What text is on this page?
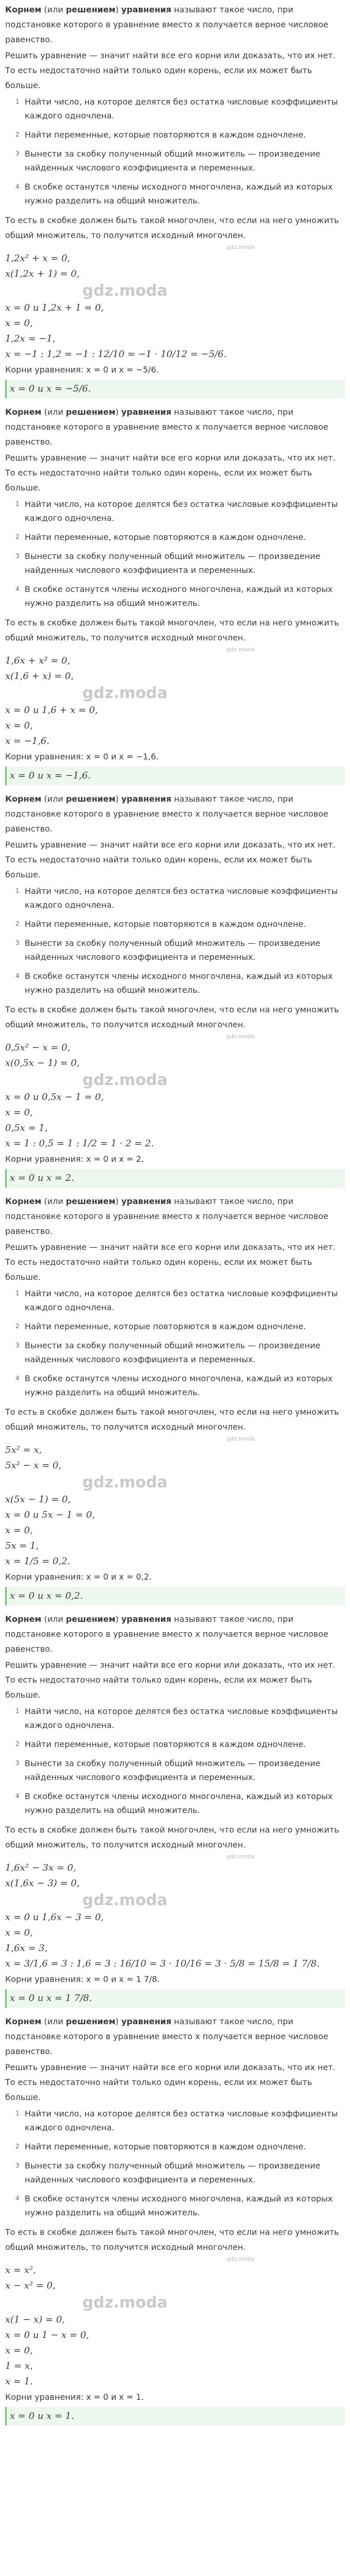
Корнем (или решением) уравнения называют такое число, при подстановке которого в уравнение вместо x получается верное числовое равенство.

Решить уравнение — значит найти все его корни или доказать, что их нет. То есть недостаточно найти только один корень, если их может быть больше.

1 Найти число, на которое делятся без остатка числовые коэффициенты каждого одночлена.
2 Найти переменные, которые повторяются в каждом одночлене.
3 Вынести за скобку полученный общий множитель — произведение найденных числового коэффициента и переменных.
4 В скобке останутся члены исходного многочлена, каждый из которых нужно разделить на общий множитель.

То есть в скобке должен быть такой многочлен, что если на него умножить общий множитель, то получится исходный многочлен.

gdz.moda

1,2x² + x = 0,

x(1,2x + 1) = 0,

gdz.moda

x = 0 и 1,2x + 1 = 0,

x = 0,

1,2x = −1,

x = −1 : 1,2 = −1 : 12/10 = −1 · 10/12 = −5/6.

Корни уравнения: x = 0 и x = −5/6.

x = 0 и x = −5/6.

Корнем (или решением) уравнения называют такое число, при подстановке которого в уравнение вместо x получается верное числовое равенство.

Решить уравнение — значит найти все его корни или доказать, что их нет. То есть недостаточно найти только один корень, если их может быть больше.

1 Найти число, на которое делятся без остатка числовые коэффициенты каждого одночлена.
2 Найти переменные, которые повторяются в каждом одночлене.
3 Вынести за скобку полученный общий множитель — произведение найденных числового коэффициента и переменных.
4 В скобке останутся члены исходного многочлена, каждый из которых нужно разделить на общий множитель.

То есть в скобке должен быть такой многочлен, что если на него умножить общий множитель, то получится исходный многочлен.

gdz.moda

1,6x + x² = 0,

x(1,6 + x) = 0,

gdz.moda

x = 0 и 1,6 + x = 0,

x = 0,

x = −1,6.

Корни уравнения: x = 0 и x = −1,6.

x = 0 и x = −1,6.

Корнем (или решением) уравнения называют такое число, при подстановке которого в уравнение вместо x получается верное числовое равенство.

Решить уравнение — значит найти все его корни или доказать, что их нет. То есть недостаточно найти только один корень, если их может быть больше.

1 Найти число, на которое делятся без остатка числовые коэффициенты каждого одночлена.
2 Найти переменные, которые повторяются в каждом одночлене.
3 Вынести за скобку полученный общий множитель — произведение найденных числового коэффициента и переменных.
4 В скобке останутся члены исходного многочлена, каждый из которых нужно разделить на общий множитель.

То есть в скобке должен быть такой многочлен, что если на него умножить общий множитель, то получится исходный многочлен.

gdz.moda

0,5x² − x = 0,

x(0,5x − 1) = 0,

gdz.moda

x = 0 и 0,5x − 1 = 0,

x = 0,

0,5x = 1,

x = 1 : 0,5 = 1 : 1/2 = 1 · 2 = 2.

Корни уравнения: x = 0 и x = 2.

x = 0 и x = 2.

Корнем (или решением) уравнения называют такое число, при подстановке которого в уравнение вместо x получается верное числовое равенство.

Решить уравнение — значит найти все его корни или доказать, что их нет. То есть недостаточно найти только один корень, если их может быть больше.

1 Найти число, на которое делятся без остатка числовые коэффициенты каждого одночлена.
2 Найти переменные, которые повторяются в каждом одночлене.
3 Вынести за скобку полученный общий множитель — произведение найденных числового коэффициента и переменных.
4 В скобке останутся члены исходного многочлена, каждый из которых нужно разделить на общий множитель.

То есть в скобке должен быть такой многочлен, что если на него умножить общий множитель, то получится исходный многочлен.

gdz.moda

5x² = x,

5x² − x = 0,

gdz.moda

x(5x − 1) = 0,

x = 0 и 5x − 1 = 0,

x = 0,

5x = 1,

x = 1/5 = 0,2.

Корни уравнения: x = 0 и x = 0,2.

x = 0 и x = 0,2.

Корнем (или решением) уравнения называют такое число, при подстановке которого в уравнение вместо x получается верное числовое равенство.

Решить уравнение — значит найти все его корни или доказать, что их нет. То есть недостаточно найти только один корень, если их может быть больше.

1 Найти число, на которое делятся без остатка числовые коэффициенты каждого одночлена.
2 Найти переменные, которые повторяются в каждом одночлене.
3 Вынести за скобку полученный общий множитель — произведение найденных числового коэффициента и переменных.
4 В скобке останутся члены исходного многочлена, каждый из которых нужно разделить на общий множитель.

То есть в скобке должен быть такой многочлен, что если на него умножить общий множитель, то получится исходный многочлен.

gdz.moda

1,6x² − 3x = 0,

x(1,6x − 3) = 0,

gdz.moda

x = 0 и 1,6x − 3 = 0,

x = 0,

1,6x = 3,

x = 3/1,6 = 3 : 1,6 = 3 : 16/10 = 3 · 10/16 = 3 · 5/8 = 15/8 = 1 7/8.

Корни уравнения: x = 0 и x = 1 7/8.

x = 0 и x = 1 7/8.

Корнем (или решением) уравнения называют такое число, при подстановке которого в уравнение вместо x получается верное числовое равенство.

Решить уравнение — значит найти все его корни или доказать, что их нет. То есть недостаточно найти только один корень, если их может быть больше.

1 Найти число, на которое делятся без остатка числовые коэффициенты каждого одночлена.
2 Найти переменные, которые повторяются в каждом одночлене.
3 Вынести за скобку полученный общий множитель — произведение найденных числового коэффициента и переменных.
4 В скобке останутся члены исходного многочлена, каждый из которых нужно разделить на общий множитель.

То есть в скобке должен быть такой многочлен, что если на него умножить общий множитель, то получится исходный многочлен.

gdz.moda

x = x²,

x − x² = 0,

gdz.moda

x(1 − x) = 0,

x = 0 и 1 − x = 0,

x = 0,

1 = x,

x = 1.

Корни уравнения: x = 0 и x = 1.

x = 0 и x = 1.
